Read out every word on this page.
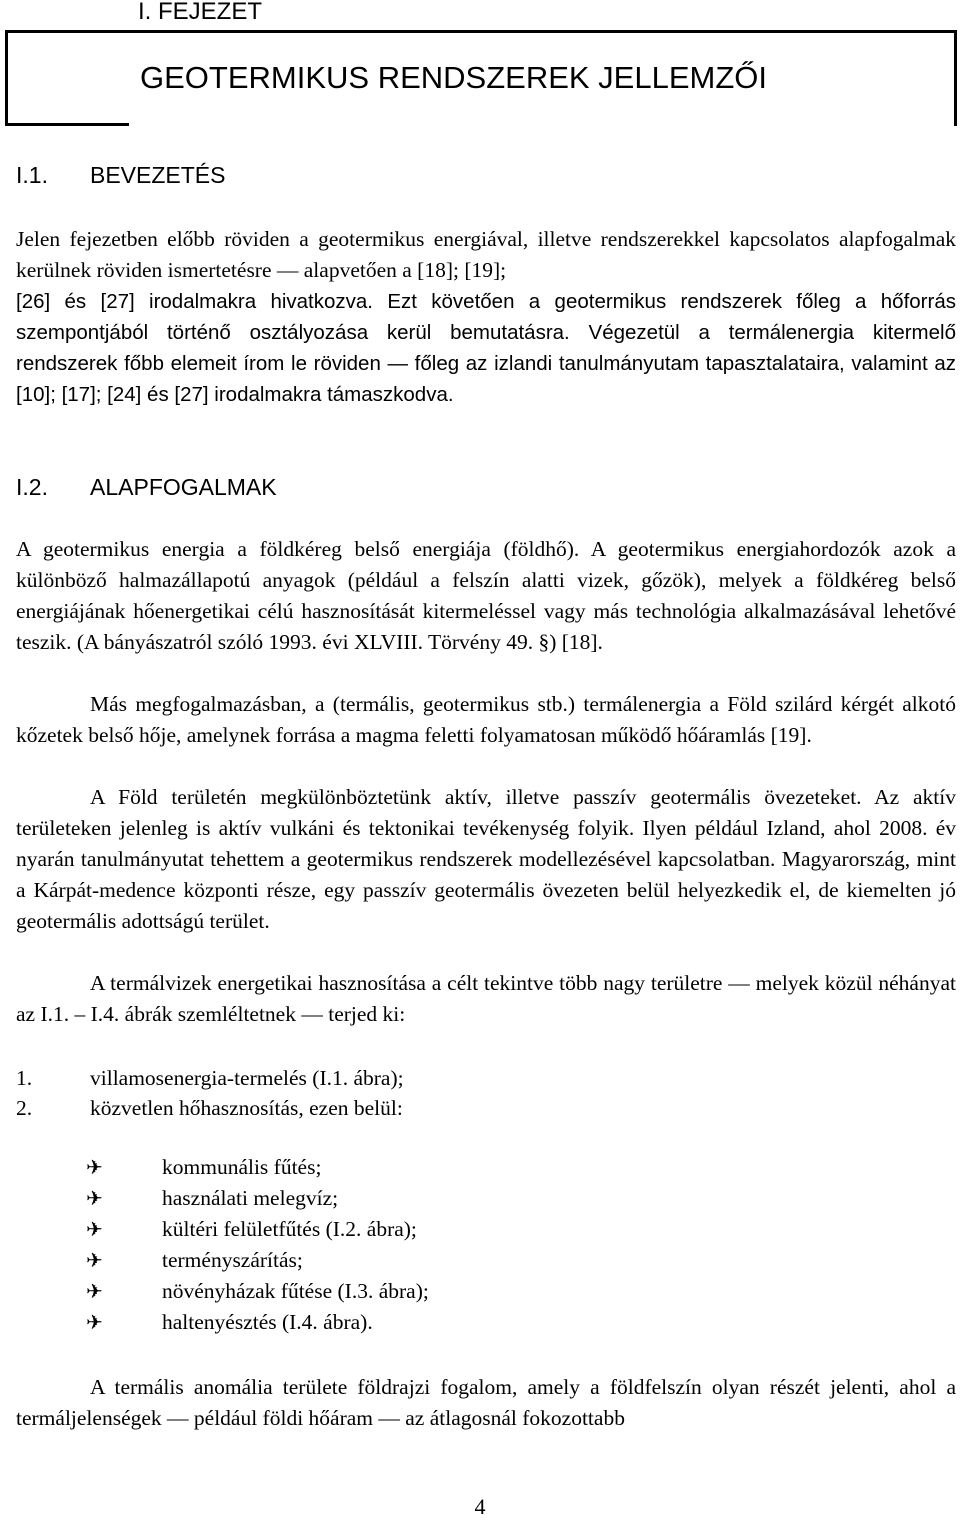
I. FEJEZET
GEOTERMIKUS RENDSZEREK JELLEMZŐI
I.1. BEVEZETÉS

Jelen fejezetben előbb röviden a geotermikus energiával, illetve rendszerekkel kapcsolatos alapfogalmak kerülnek röviden ismertetésre — alapvetően a [18]; [19];

[26] és [27] irodalmakra hivatkozva. Ezt követően a geotermikus rendszerek főleg a hőforrás szempontjából történő osztályozása kerül bemutatásra. Végezetül a termálenergia kitermelő rendszerek főbb elemeit írom le röviden — főleg az izlandi tanulmányutam tapasztalataira, valamint az [10]; [17]; [24] és [27] irodalmakra támaszkodva.

I.2. ALAPFOGALMAK

A geotermikus energia a földkéreg belső energiája (földhő). A geotermikus energiahordozók azok a különböző halmazállapotú anyagok (például a felszín alatti vizek, gőzök), melyek a földkéreg belső energiájának hőenergetikai célú hasznosítását kitermeléssel vagy más technológia alkalmazásával lehetővé teszik. (A bányászatról szóló 1993. évi XLVIII. Törvény 49. §) [18].

Más megfogalmazásban, a (termális, geotermikus stb.) termálenergia a Föld szilárd kérgét alkotó kőzetek belső hője, amelynek forrása a magma feletti folyamatosan működő hőáramlás [19].

A Föld területén megkülönböztetünk aktív, illetve passzív geotermális övezeteket. Az aktív területeken jelenleg is aktív vulkáni és tektonikai tevékenység folyik. Ilyen például Izland, ahol 2008. év nyarán tanulmányutat tehettem a geotermikus rendszerek modellezésével kapcsolatban. Magyarország, mint a Kárpát-medence központi része, egy passzív geotermális övezeten belül helyezkedik el, de kiemelten jó geotermális adottságú terület.

A termálvizek energetikai hasznosítása a célt tekintve több nagy területre — melyek közül néhányat az I.1. – I.4. ábrák szemléltetnek — terjed ki:

1.	villamosenergia-termelés (I.1. ábra);
2.	közvetlen hőhasznosítás, ezen belül:
✈	kommunális fűtés;
✈	használati melegvíz;
✈	kültéri felületfűtés (I.2. ábra);
✈	terményszárítás;
✈	növényházak fűtése (I.3. ábra);
✈	haltenyésztés (I.4. ábra).

A termális anomália területe földrajzi fogalom, amely a földfelszín olyan részét jelenti, ahol a termáljelenségek — például földi hőáram — az átlagosnál fokozottabb

4
